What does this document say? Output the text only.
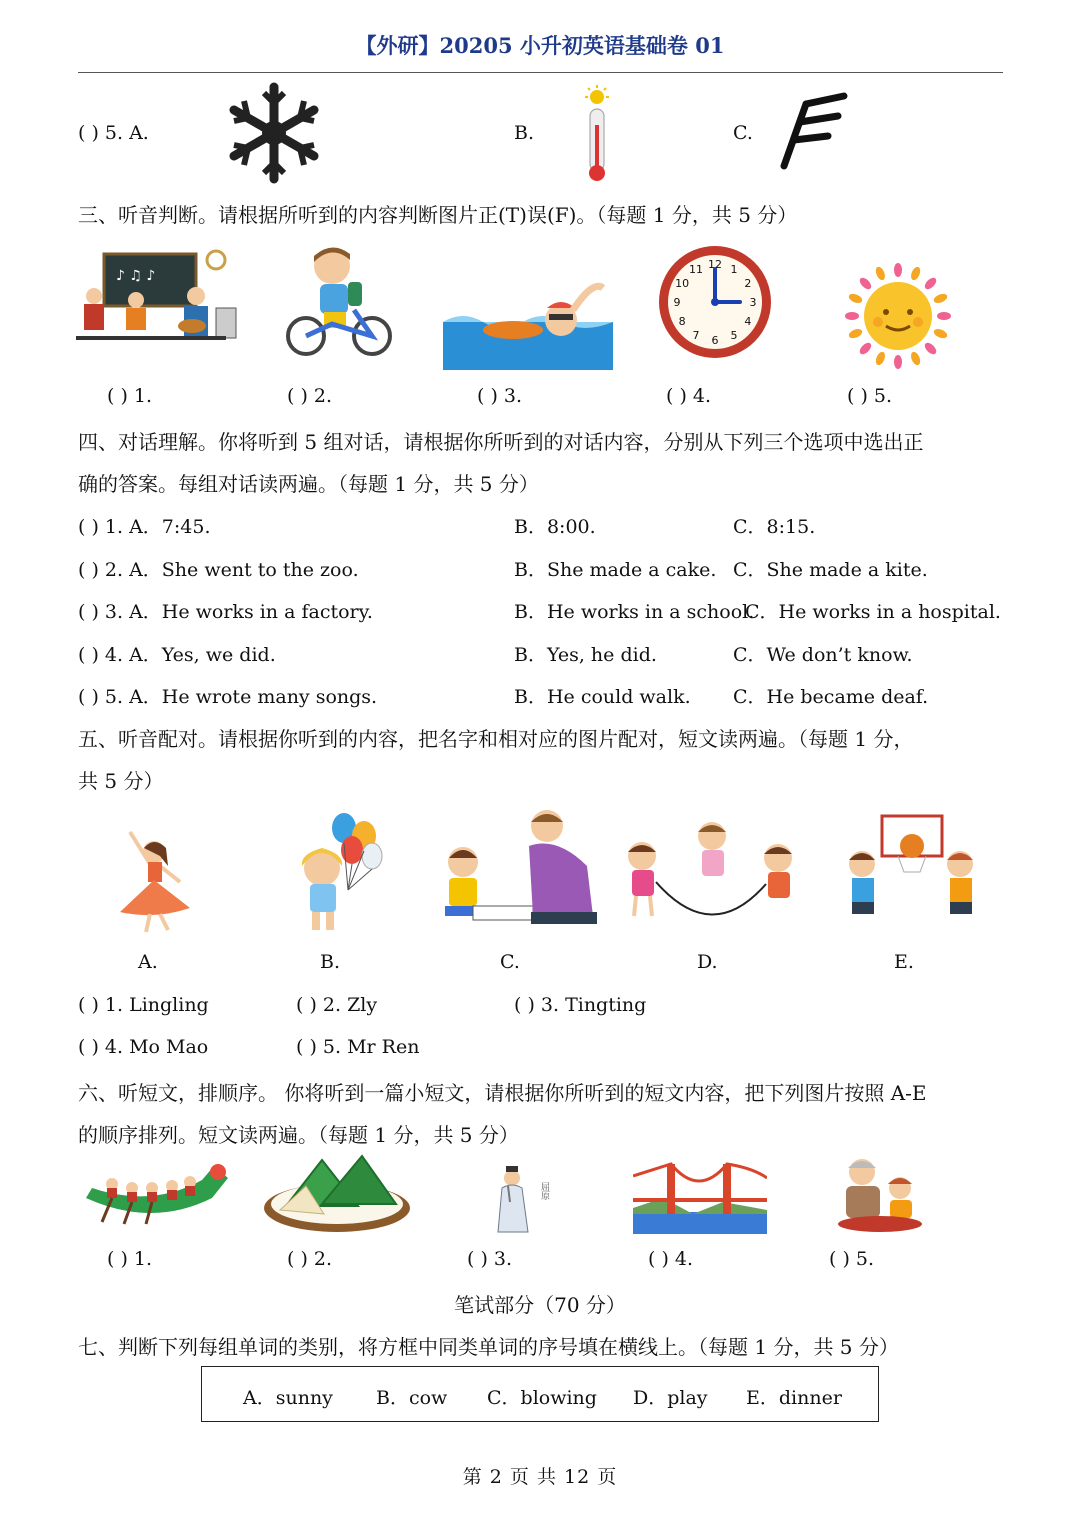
【外研】20205 小升初英语基础卷 01
( ) 5. A.	B.	C.
三、听音判断。请根据所听到的内容判断图片正(T)误(F)。（每题 1 分，共 5 分）
♪ ♫ ♪
12 1
2
3
4
5
6
7
8
9
10
11
( ) 1.	( ) 2.	( ) 3.	( ) 4.	( ) 5.
四、对话理解。你将听到 5 组对话，请根据你所听到的对话内容，分别从下列三个选项中选出正
确的答案。每组对话读两遍。（每题 1 分，共 5 分）
( ) 1. A．7:45.	B．8:00.	C．8:15.
( ) 2. A．She went to the zoo.	B．She made a cake. C．She made a kite.
( ) 3. A．He works in a factory.	B．He works in a school.
C．He works in a hospital.
( ) 4. A．Yes, we did.	B．Yes, he did.	C．We don’t know.
( ) 5. A．He wrote many songs.	B．He could walk. C．He became deaf.
五、听音配对。请根据你听到的内容，把名字和相对应的图片配对，短文读两遍。（每题 1 分，
共 5 分）
A.	B.	C.	D.	E.
( ) 1. Lingling	( ) 2. Zly	( ) 3. Tingting
( ) 4. Mo Mao	( ) 5. Mr Ren
六、听短文，排顺序。 你将听到一篇小短文，请根据你所听到的短文内容，把下列图片按照 A-E
的顺序排列。短文读两遍。（每题 1 分，共 5 分）
屈原
( ) 1.	( ) 2.	( ) 3.	( ) 4.	( ) 5.
笔试部分（70 分）
七、判断下列每组单词的类别，将方框中同类单词的序号填在横线上。（每题 1 分，共 5 分）
A．sunny B．cow C．blowing D．play E．dinner
第 2 页 共 12 页
